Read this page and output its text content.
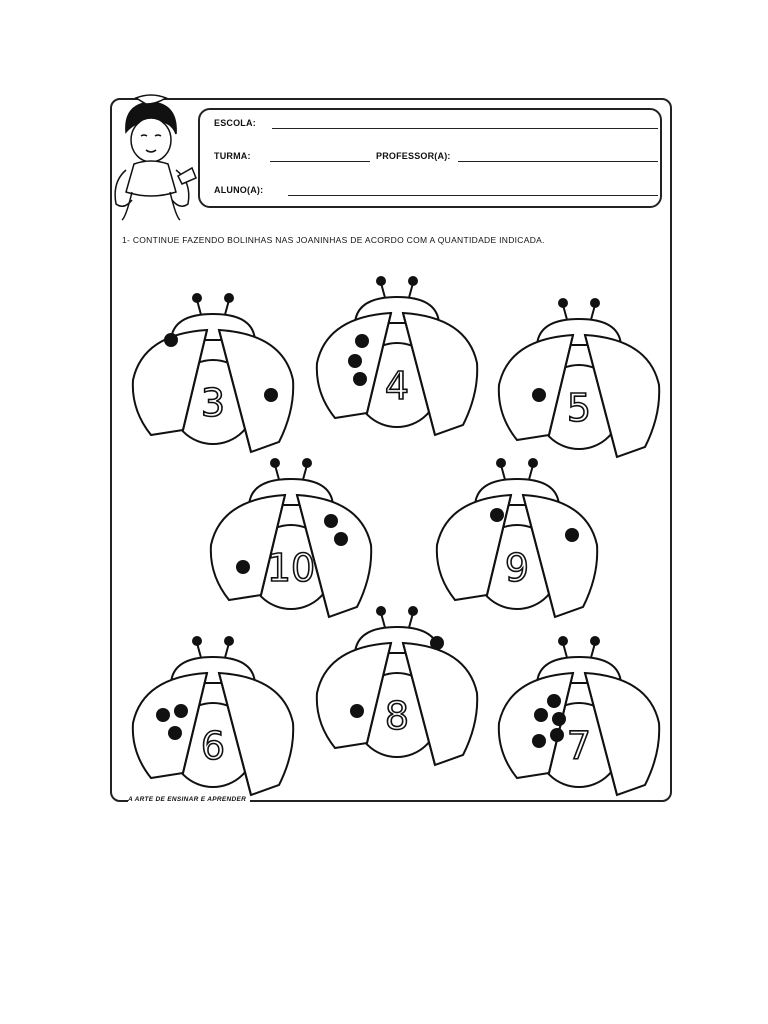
ESCOLA:
TURMA:	PROFESSOR(A):
ALUNO(A):
1- CONTINUE FAZENDO BOLINHAS NAS JOANINHAS DE ACORDO COM A QUANTIDADE INDICADA.
3	4	5
10	9
6
8
7
A ARTE DE ENSINAR E APRENDER
